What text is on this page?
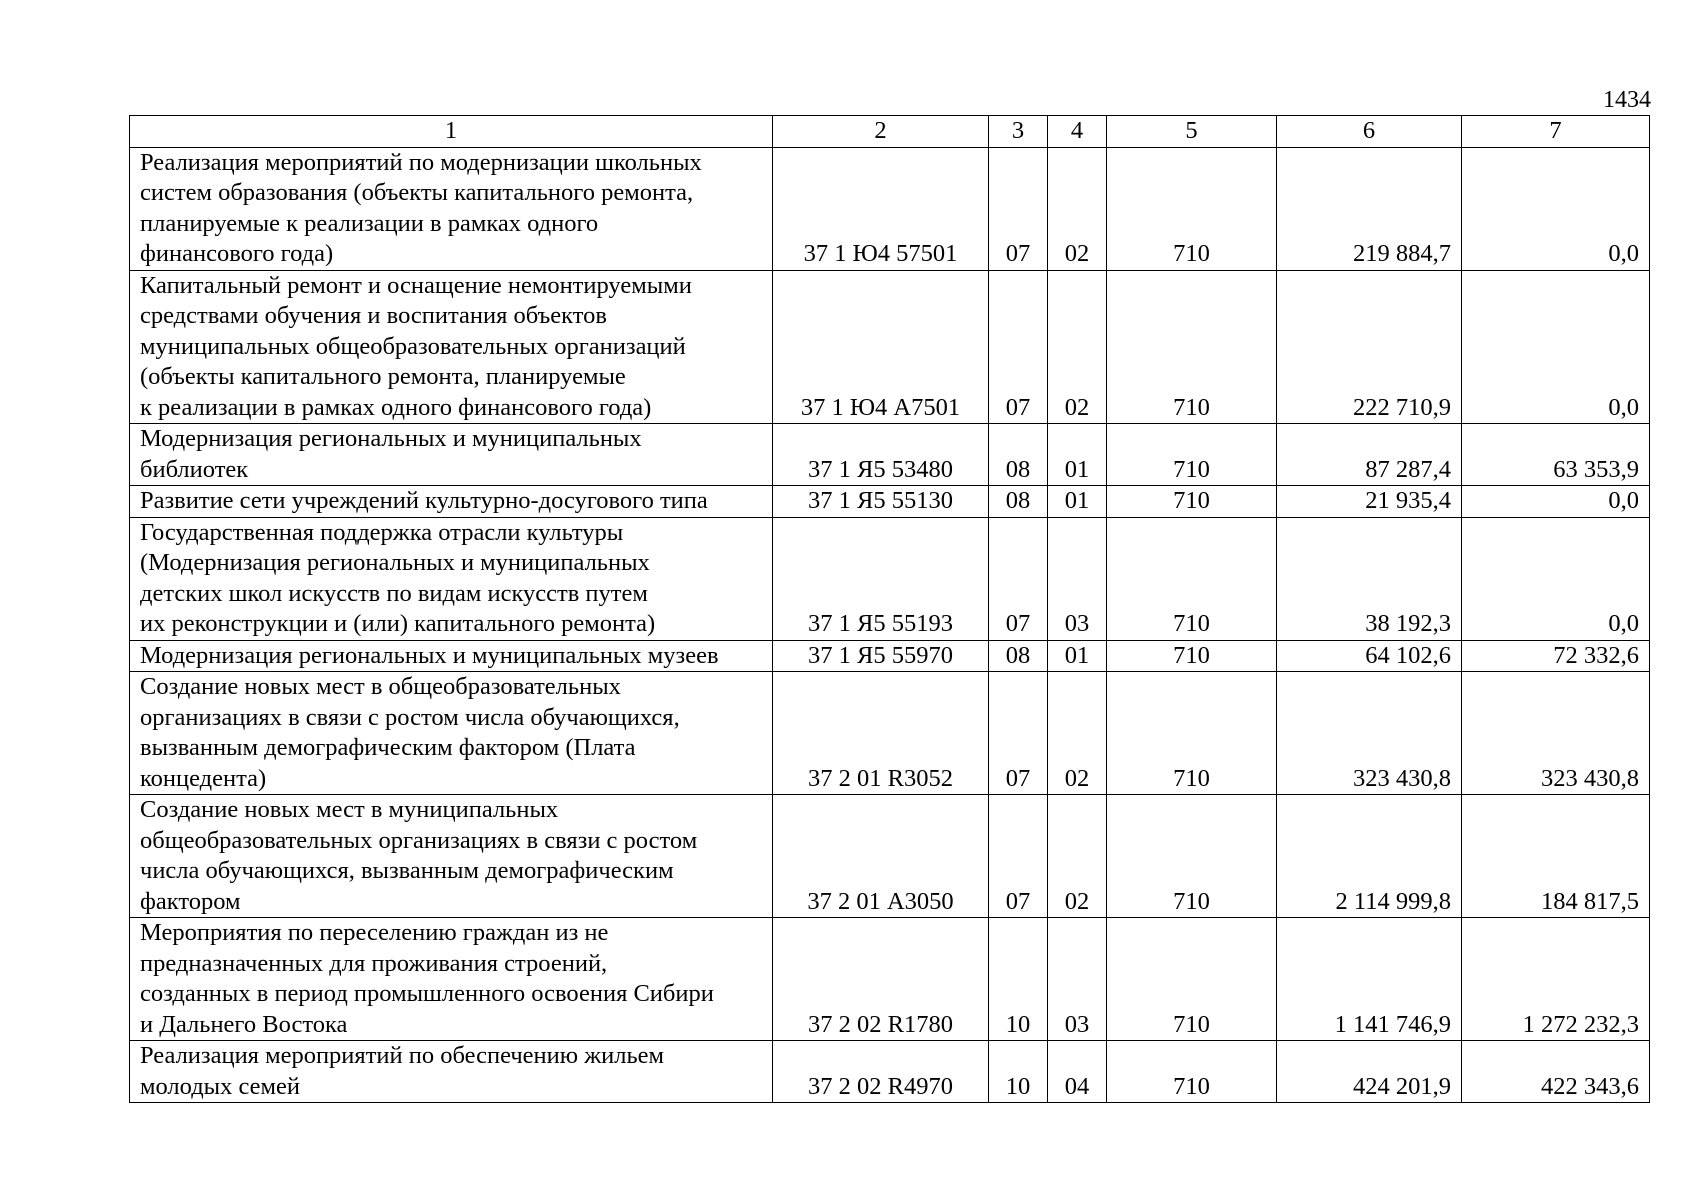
1434
1	2	3	4	5	6	7
Реализация мероприятий по модернизации школьных
систем образования (объекты капитального ремонта,
планируемые к реализации в рамках одного
финансового года)	37 1 Ю4 57501	07	02	710	219 884,7	0,0
Капитальный ремонт и оснащение немонтируемыми
средствами обучения и воспитания объектов
муниципальных общеобразовательных организаций
(объекты капитального ремонта, планируемые
к реализации в рамках одного финансового года)	37 1 Ю4 А7501	07	02	710	222 710,9	0,0
Модернизация региональных и муниципальных
библиотек	37 1 Я5 53480	08	01	710	87 287,4	63 353,9
Развитие сети учреждений культурно-досугового типа	37 1 Я5 55130	08	01	710	21 935,4	0,0
Государственная поддержка отрасли культуры
(Модернизация региональных и муниципальных
детских школ искусств по видам искусств путем
их реконструкции и (или) капитального ремонта)	37 1 Я5 55193	07	03	710	38 192,3	0,0
Модернизация региональных и муниципальных музеев	37 1 Я5 55970	08	01	710	64 102,6	72 332,6
Создание новых мест в общеобразовательных
организациях в связи с ростом числа обучающихся,
вызванным демографическим фактором (Плата
концедента)	37 2 01 R3052	07	02	710	323 430,8	323 430,8
Создание новых мест в муниципальных
общеобразовательных организациях в связи с ростом
числа обучающихся, вызванным демографическим
фактором	37 2 01 А3050	07	02	710	2 114 999,8	184 817,5
Мероприятия по переселению граждан из не
предназначенных для проживания строений,
созданных в период промышленного освоения Сибири
и Дальнего Востока	37 2 02 R1780	10	03	710	1 141 746,9	1 272 232,3
Реализация мероприятий по обеспечению жильем
молодых семей	37 2 02 R4970	10	04	710	424 201,9	422 343,6
